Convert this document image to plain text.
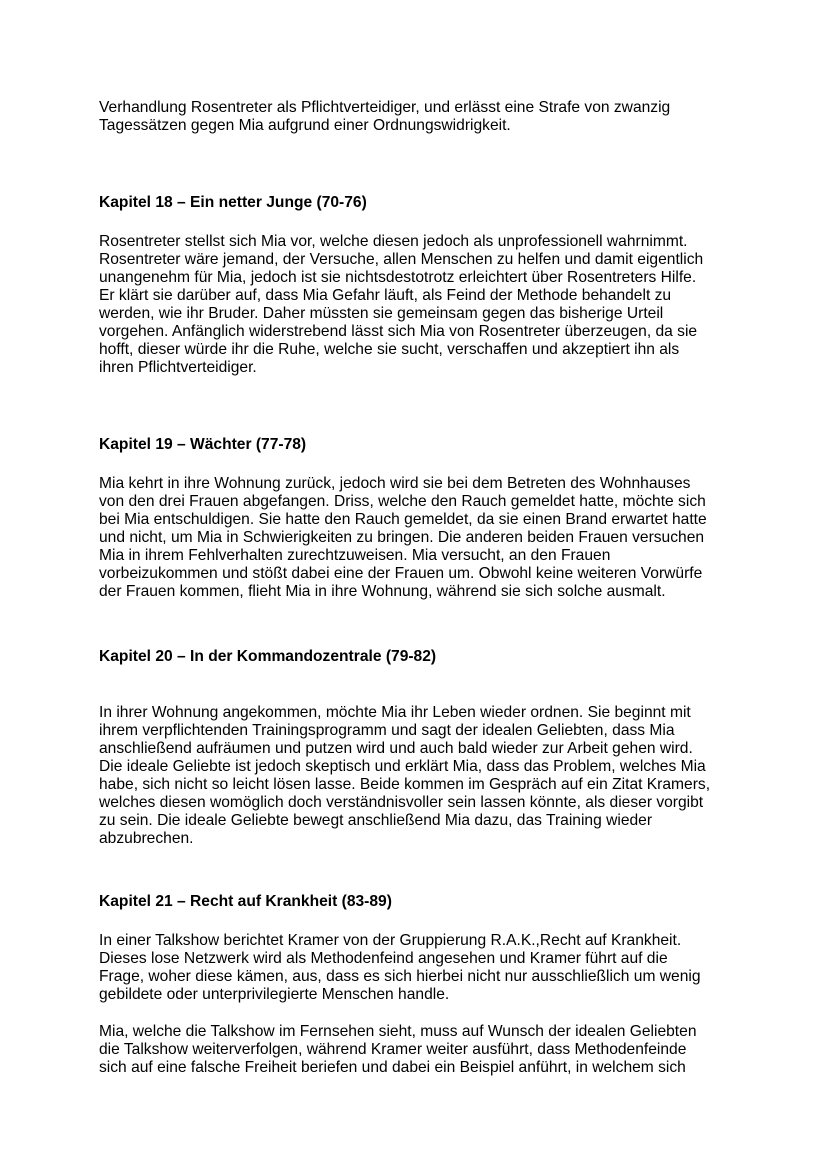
Verhandlung Rosentreter als Pflichtverteidiger, und erlässt eine Strafe von zwanzig
Tagessätzen gegen Mia aufgrund einer Ordnungswidrigkeit.
Kapitel 18 – Ein netter Junge (70-76)
Rosentreter stellst sich Mia vor, welche diesen jedoch als unprofessionell wahrnimmt.
Rosentreter wäre jemand, der Versuche, allen Menschen zu helfen und damit eigentlich
unangenehm für Mia, jedoch ist sie nichtsdestotrotz erleichtert über Rosentreters Hilfe.
Er klärt sie darüber auf, dass Mia Gefahr läuft, als Feind der Methode behandelt zu
werden, wie ihr Bruder. Daher müssten sie gemeinsam gegen das bisherige Urteil
vorgehen. Anfänglich widerstrebend lässt sich Mia von Rosentreter überzeugen, da sie
hofft, dieser würde ihr die Ruhe, welche sie sucht, verschaffen und akzeptiert ihn als
ihren Pflichtverteidiger.
Kapitel 19 – Wächter (77-78)
Mia kehrt in ihre Wohnung zurück, jedoch wird sie bei dem Betreten des Wohnhauses
von den drei Frauen abgefangen. Driss, welche den Rauch gemeldet hatte, möchte sich
bei Mia entschuldigen. Sie hatte den Rauch gemeldet, da sie einen Brand erwartet hatte
und nicht, um Mia in Schwierigkeiten zu bringen. Die anderen beiden Frauen versuchen
Mia in ihrem Fehlverhalten zurechtzuweisen. Mia versucht, an den Frauen
vorbeizukommen und stößt dabei eine der Frauen um. Obwohl keine weiteren Vorwürfe
der Frauen kommen, flieht Mia in ihre Wohnung, während sie sich solche ausmalt.
Kapitel 20 – In der Kommandozentrale (79-82)
In ihrer Wohnung angekommen, möchte Mia ihr Leben wieder ordnen. Sie beginnt mit
ihrem verpflichtenden Trainingsprogramm und sagt der idealen Geliebten, dass Mia
anschließend aufräumen und putzen wird und auch bald wieder zur Arbeit gehen wird.
Die ideale Geliebte ist jedoch skeptisch und erklärt Mia, dass das Problem, welches Mia
habe, sich nicht so leicht lösen lasse. Beide kommen im Gespräch auf ein Zitat Kramers,
welches diesen womöglich doch verständnisvoller sein lassen könnte, als dieser vorgibt
zu sein. Die ideale Geliebte bewegt anschließend Mia dazu, das Training wieder
abzubrechen.
Kapitel 21 – Recht auf Krankheit (83-89)
In einer Talkshow berichtet Kramer von der Gruppierung R.A.K.,Recht auf Krankheit.
Dieses lose Netzwerk wird als Methodenfeind angesehen und Kramer führt auf die
Frage, woher diese kämen, aus, dass es sich hierbei nicht nur ausschließlich um wenig
gebildete oder unterprivilegierte Menschen handle.
Mia, welche die Talkshow im Fernsehen sieht, muss auf Wunsch der idealen Geliebten
die Talkshow weiterverfolgen, während Kramer weiter ausführt, dass Methodenfeinde
sich auf eine falsche Freiheit beriefen und dabei ein Beispiel anführt, in welchem sich
